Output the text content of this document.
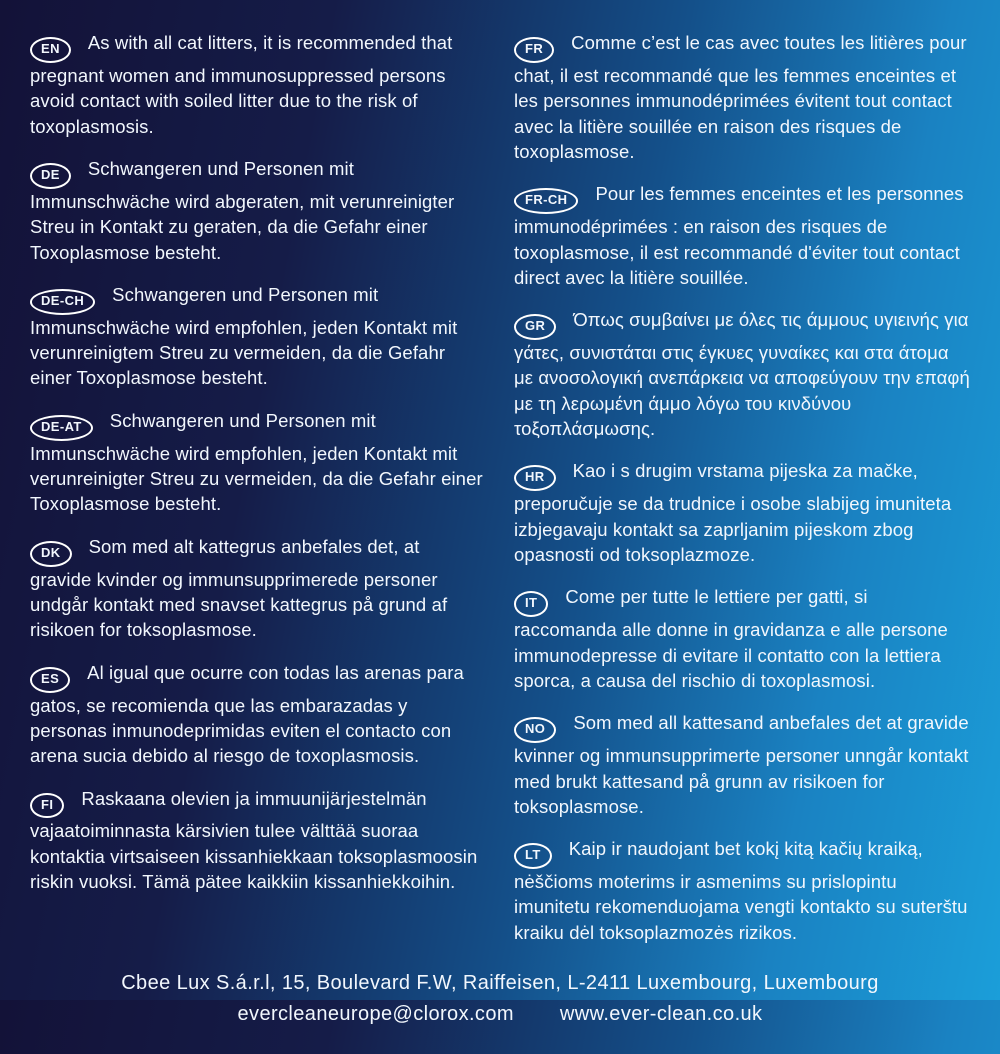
EN As with all cat litters, it is recommended that pregnant women and immunosuppressed persons avoid contact with soiled litter due to the risk of toxoplasmosis.

DE Schwangeren und Personen mit Immunschwäche wird abgeraten, mit verunreinigter Streu in Kontakt zu geraten, da die Gefahr einer Toxoplasmose besteht.

DE-CH Schwangeren und Personen mit Immunschwäche wird empfohlen, jeden Kontakt mit verunreinigtem Streu zu vermeiden, da die Gefahr einer Toxoplasmose besteht.

DE-AT Schwangeren und Personen mit Immunschwäche wird empfohlen, jeden Kontakt mit verunreinigter Streu zu vermeiden, da die Gefahr einer Toxoplasmose besteht.

DK Som med alt kattegrus anbefales det, at gravide kvinder og immunsupprimerede personer undgår kontakt med snavset kattegrus på grund af risikoen for toksoplasmose.

ES Al igual que ocurre con todas las arenas para gatos, se recomienda que las embarazadas y personas inmunodeprimidas eviten el contacto con arena sucia debido al riesgo de toxoplasmosis.

FI Raskaana olevien ja immuunijärjestelmän vajaatoiminnasta kärsivien tulee välttää suoraa kontaktia virtsaiseen kissanhiekkaan toksoplasmoosin riskin vuoksi. Tämä pätee kaikkiin kissanhiekkoihin.

FR Comme c’est le cas avec toutes les litières pour chat, il est recommandé que les femmes enceintes et les personnes immunodéprimées évitent tout contact avec la litière souillée en raison des risques de toxoplasmose.

FR-CH Pour les femmes enceintes et les personnes immunodéprimées : en raison des risques de toxoplasmose, il est recommandé d'éviter tout contact direct avec la litière souillée.

GR Όπως συμβαίνει με όλες τις άμμους υγιεινής για γάτες, συνιστάται στις έγκυες γυναίκες και στα άτομα με ανοσολογική ανεπάρκεια να αποφεύγουν την επαφή με τη λερωμένη άμμο λόγω του κινδύνου τοξοπλάσμωσης.

HR Kao i s drugim vrstama pijeska za mačke, preporučuje se da trudnice i osobe slabijeg imuniteta izbjegavaju kontakt sa zaprljanim pijeskom zbog opasnosti od toksoplazmoze.

IT Come per tutte le lettiere per gatti, si raccomanda alle donne in gravidanza e alle persone immunodepresse di evitare il contatto con la lettiera sporca, a causa del rischio di toxoplasmosi.

NO Som med all kattesand anbefales det at gravide kvinner og immunsupprimerte personer unngår kontakt med brukt kattesand på grunn av risikoen for toksoplasmose.

LT Kaip ir naudojant bet kokį kitą kačių kraiką, nėščioms moterims ir asmenims su prislopintu imunitetu rekomenduojama vengti kontakto su suterštu kraiku dėl toksoplazmozės rizikos.

Cbee Lux S.á.r.l, 15, Boulevard F.W, Raiffeisen, L-2411 Luxembourg, Luxembourg
evercleaneurope@clorox.com www.ever-clean.co.uk
